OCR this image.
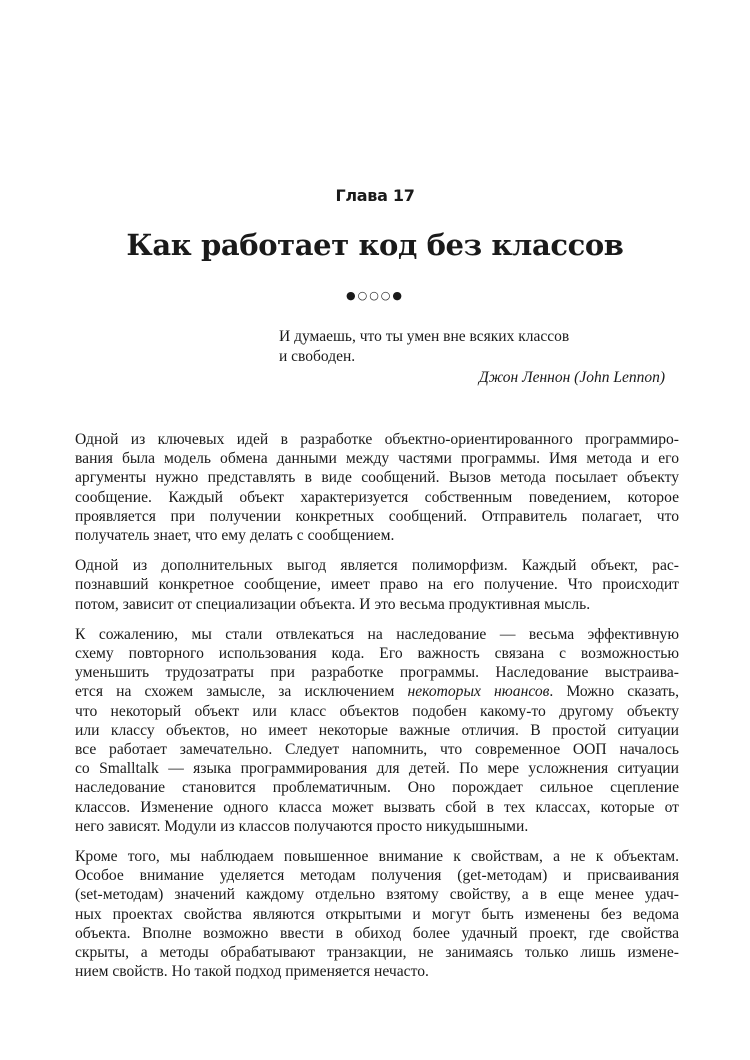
Глава 17
Как работает код без классов
●○○○●
И думаешь, что ты умен вне всяких классов
и свободен.
Джон Леннон (John Lennon)

Одной из ключевых идей в разработке объектно-ориентированного программиро-
вания была модель обмена данными между частями программы. Имя метода и его
аргументы нужно представлять в виде сообщений. Вызов метода посылает объекту
сообщение. Каждый объект характеризуется собственным поведением, которое
проявляется при получении конкретных сообщений. Отправитель полагает, что
получатель знает, что ему делать с сообщением.

Одной из дополнительных выгод является полиморфизм. Каждый объект, рас-
познавший конкретное сообщение, имеет право на его получение. Что происходит
потом, зависит от специализации объекта. И это весьма продуктивная мысль.

К сожалению, мы стали отвлекаться на наследование — весьма эффективную
схему повторного использования кода. Его важность связана с возможностью
уменьшить трудозатраты при разработке программы. Наследование выстраива-
ется на схожем замысле, за исключением некоторых нюансов. Можно сказать,
что некоторый объект или класс объектов подобен какому-то другому объекту
или классу объектов, но имеет некоторые важные отличия. В простой ситуации
все работает замечательно. Следует напомнить, что современное ООП началось
со Smalltalk — языка программирования для детей. По мере усложнения ситуации
наследование становится проблематичным. Оно порождает сильное сцепление
классов. Изменение одного класса может вызвать сбой в тех классах, которые от
него зависят. Модули из классов получаются просто никудышными.

Кроме того, мы наблюдаем повышенное внимание к свойствам, а не к объектам.
Особое внимание уделяется методам получения (get-методам) и присваивания
(set-методам) значений каждому отдельно взятому свойству, а в еще менее удач-
ных проектах свойства являются открытыми и могут быть изменены без ведома
объекта. Вполне возможно ввести в обиход более удачный проект, где свойства
скрыты, а методы обрабатывают транзакции, не занимаясь только лишь измене-
нием свойств. Но такой подход применяется нечасто.
